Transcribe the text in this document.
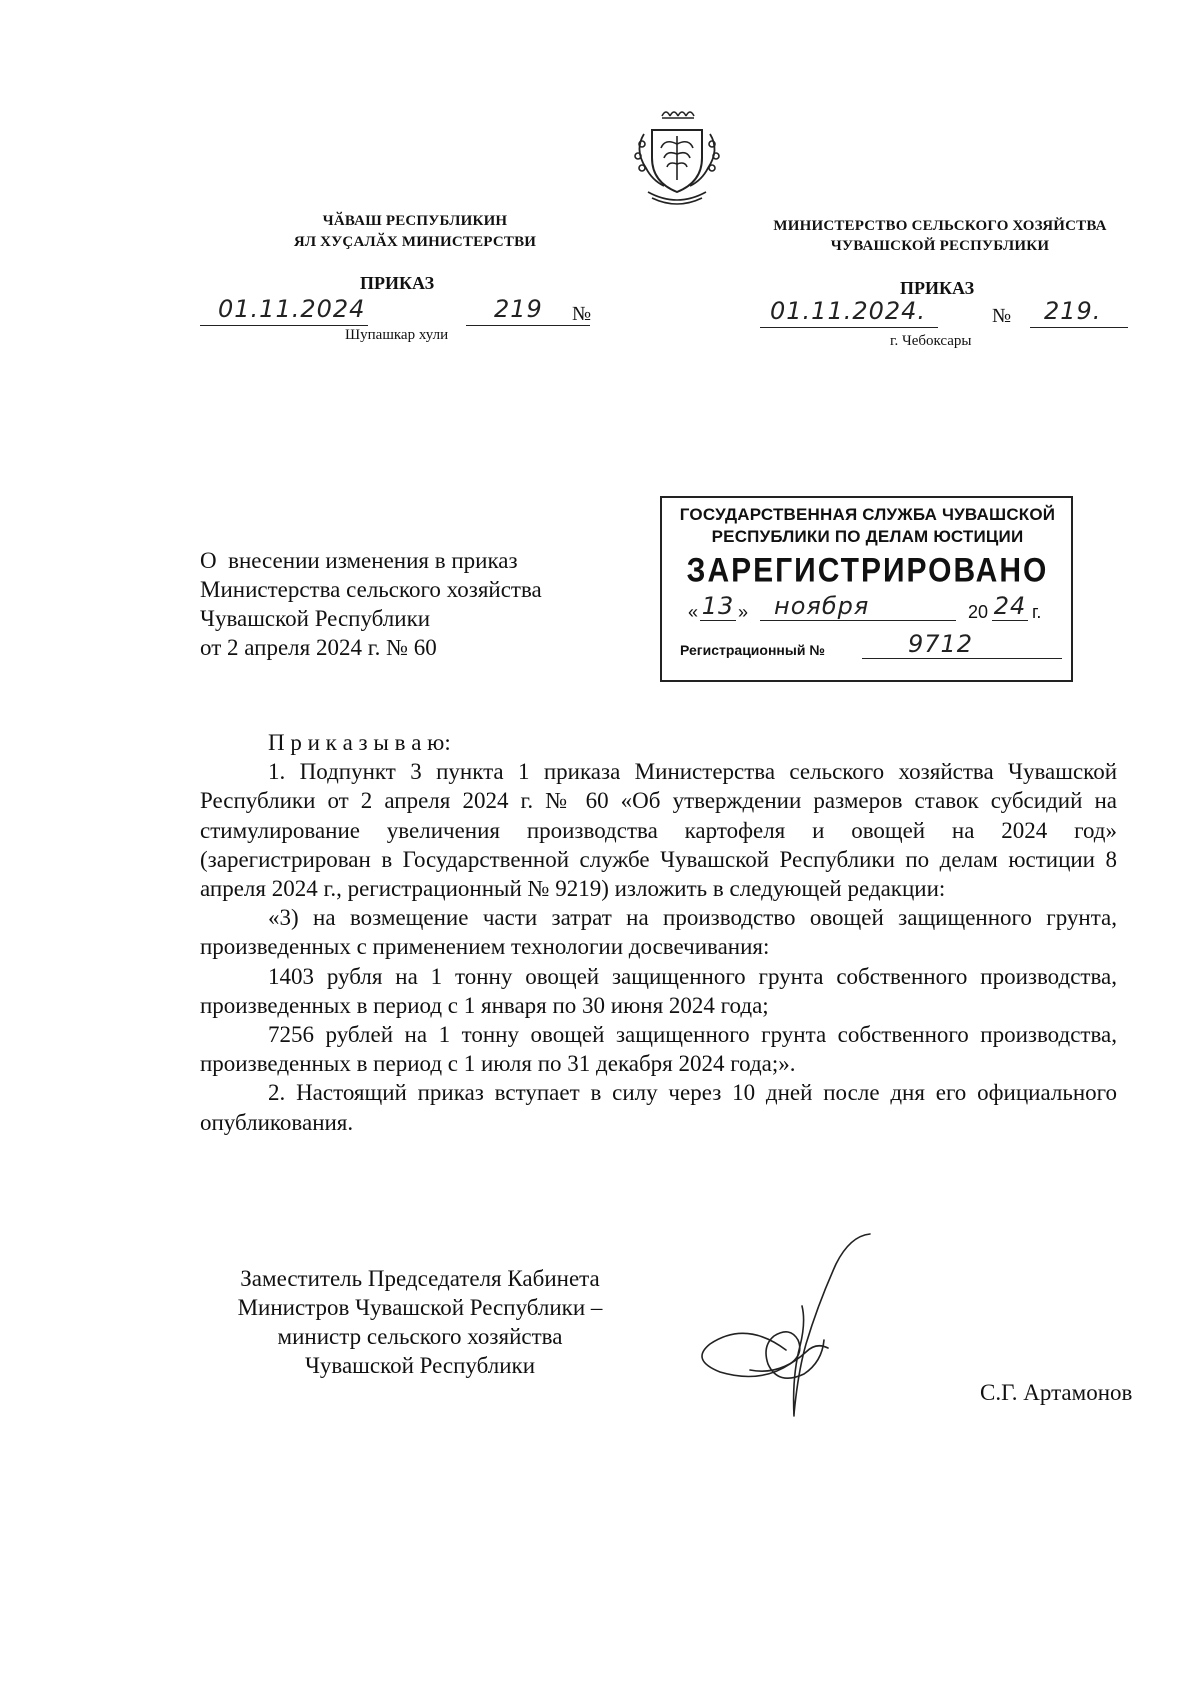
ЧӐВАШ РЕСПУБЛИКИН
ЯЛ ХУҪАЛӐХ МИНИСТЕРСТВИ
МИНИСТЕРСТВО СЕЛЬСКОГО ХОЗЯЙСТВА
ЧУВАШСКОЙ РЕСПУБЛИКИ
ПРИКАЗ
01.11.2024	219	№
Шупашкар хули
ПРИКАЗ
01.11.2024.	№	219.
г. Чебоксары
ГОСУДАРСТВЕННАЯ СЛУЖБА ЧУВАШСКОЙ
РЕСПУБЛИКИ ПО ДЕЛАМ ЮСТИЦИИ
ЗАРЕГИСТРИРОВАНО
« 13 »	ноября	20 24 г.
Регистрационный №	9712
О  внесении изменения в приказ
Министерства сельского хозяйства
Чувашской Республики
от 2 апреля 2024 г. № 60

П р и к а з ы в а ю:

1. Подпункт 3 пункта 1 приказа Министерства сельского хозяйства Чувашской Республики от 2 апреля 2024 г. № 60 «Об утверждении размеров ставок субсидий на стимулирование увеличения производства картофеля и овощей на 2024 год» (зарегистрирован в Государственной службе Чувашской Республики по делам юстиции 8 апреля 2024 г., регистрационный № 9219) изложить в следующей редакции:

«3) на возмещение части затрат на производство овощей защищенного грунта, произведенных с применением технологии досвечивания:

1403 рубля на 1 тонну овощей защищенного грунта собственного производства, произведенных в период с 1 января по 30 июня 2024 года;

7256 рублей на 1 тонну овощей защищенного грунта собственного производства, произведенных в период с 1 июля по 31 декабря 2024 года;».

2. Настоящий приказ вступает в силу через 10 дней после дня его официального опубликования.

Заместитель Председателя Кабинета
Министров Чувашской Республики –
министр сельского хозяйства
Чувашской Республики
С.Г. Артамонов
